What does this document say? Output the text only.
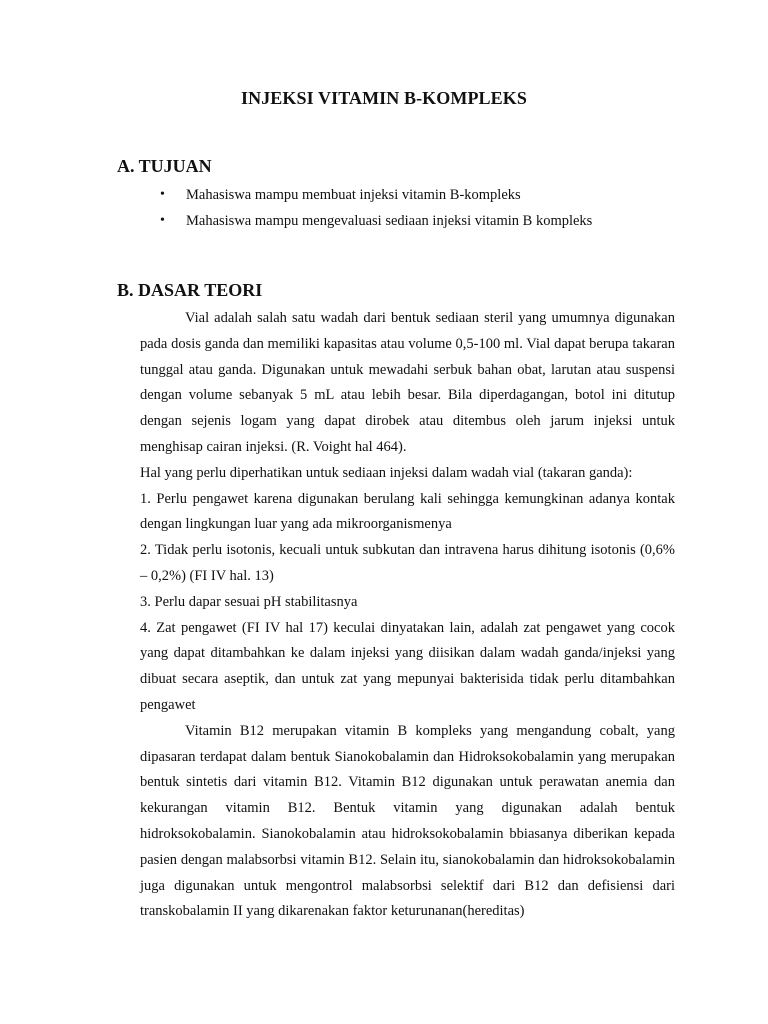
INJEKSI VITAMIN B-KOMPLEKS
A. TUJUAN
• Mahasiswa mampu membuat injeksi vitamin B-kompleks
• Mahasiswa mampu mengevaluasi sediaan injeksi vitamin B kompleks
B. DASAR TEORI

Vial adalah salah satu wadah dari bentuk sediaan steril yang umumnya digunakan pada dosis ganda dan memiliki kapasitas atau volume 0,5-100 ml. Vial dapat berupa takaran tunggal atau ganda. Digunakan untuk mewadahi serbuk bahan obat, larutan atau suspensi dengan volume sebanyak 5 mL atau lebih besar. Bila diperdagangan, botol ini ditutup dengan sejenis logam yang dapat dirobek atau ditembus oleh jarum injeksi untuk menghisap cairan injeksi. (R. Voight hal 464).

Hal yang perlu diperhatikan untuk sediaan injeksi dalam wadah vial (takaran ganda):

1. Perlu pengawet karena digunakan berulang kali sehingga kemungkinan adanya kontak dengan lingkungan luar yang ada mikroorganismenya

2. Tidak perlu isotonis, kecuali untuk subkutan dan intravena harus dihitung isotonis (0,6% – 0,2%) (FI IV hal. 13)

3. Perlu dapar sesuai pH stabilitasnya

4. Zat pengawet (FI IV hal 17) keculai dinyatakan lain, adalah zat pengawet yang cocok yang dapat ditambahkan ke dalam injeksi yang diisikan dalam wadah ganda/injeksi yang dibuat secara aseptik, dan untuk zat yang mepunyai bakterisida tidak perlu ditambahkan pengawet

Vitamin B12 merupakan vitamin B kompleks yang mengandung cobalt, yang dipasaran terdapat dalam bentuk Sianokobalamin dan Hidroksokobalamin yang merupakan bentuk sintetis dari vitamin B12. Vitamin B12 digunakan untuk perawatan anemia dan kekurangan vitamin B12. Bentuk vitamin yang digunakan adalah bentuk hidroksokobalamin. Sianokobalamin atau hidroksokobalamin bbiasanya diberikan kepada pasien dengan malabsorbsi vitamin B12. Selain itu, sianokobalamin dan hidroksokobalamin juga digunakan untuk mengontrol malabsorbsi selektif dari B12 dan defisiensi dari transkobalamin II yang dikarenakan faktor keturunanan(hereditas)
